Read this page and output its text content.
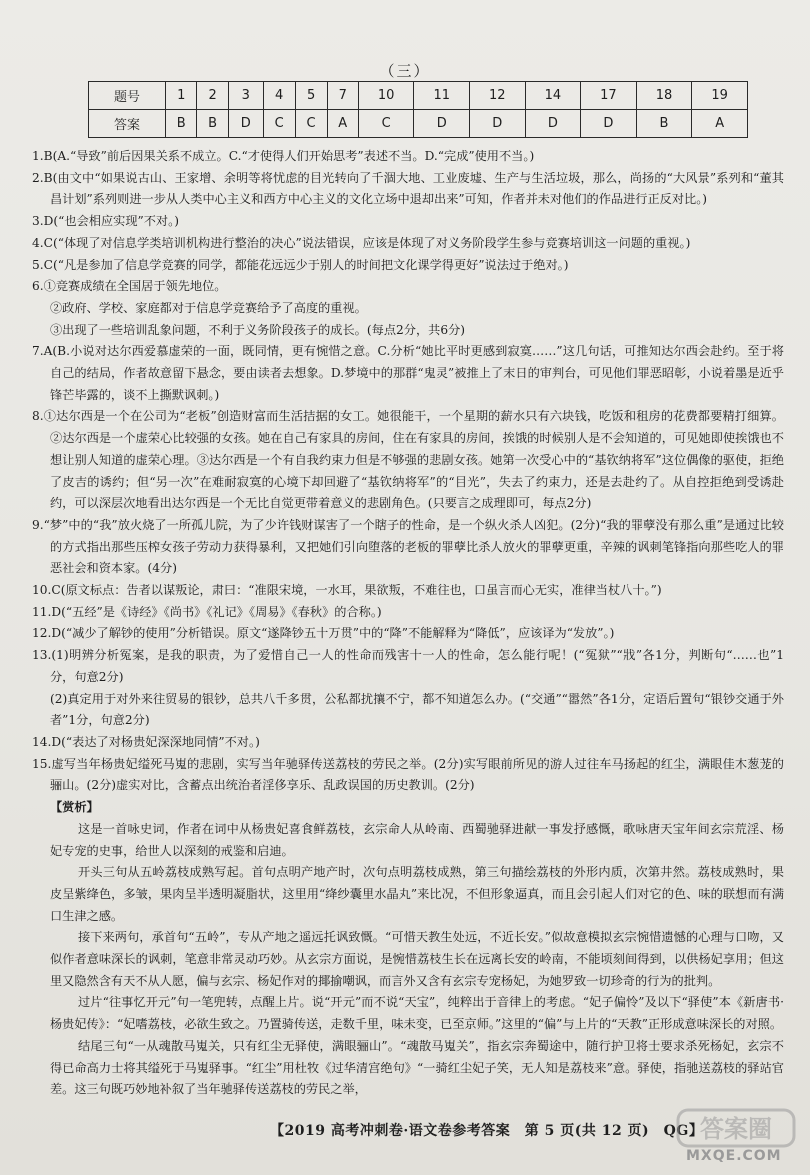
（三）
题号	1	2	3	4	5	7	10	11	12	14	17	18	19
答案	B	B	D	C	C	A	C	D	D	D	D	B	A

1.B(A.“导致”前后因果关系不成立。C.“才使得人们开始思考”表述不当。D.“完成”使用不当。)

2.B(由文中“如果说古山、王家增、余明等将忧虑的目光转向了千涸大地、工业废墟、生产与生活垃圾，那么，尚扬的“大风景”系列和“董其昌计划”系列则进一步从人类中心主义和西方中心主义的文化立场中退却出来”可知，作者并未对他们的作品进行正反对比。)

3.D(“也会相应实现”不对。)

4.C(“体现了对信息学类培训机构进行整治的决心”说法错误，应该是体现了对义务阶段学生参与竞赛培训这一问题的重视。)

5.C(“凡是参加了信息学竞赛的同学，都能花远远少于别人的时间把文化课学得更好”说法过于绝对。)

6.①竞赛成绩在全国居于领先地位。

②政府、学校、家庭都对于信息学竞赛给予了高度的重视。

③出现了一些培训乱象问题，不利于义务阶段孩子的成长。(每点2分，共6分)

7.A(B.小说对达尔西爱慕虚荣的一面，既同情，更有惋惜之意。C.分析“她比平时更感到寂寞……”这几句话，可推知达尔西会赴约。至于将自己的结局，作者故意留下悬念，要由读者去想象。D.梦境中的那群“鬼灵”被推上了末日的审判台，可见他们罪恶昭彰，小说着墨是近乎锋芒毕露的，谈不上撕默讽刺。)

8.①达尔西是一个在公司为“老板”创造财富而生活拮据的女工。她很能干，一个星期的薪水只有六块钱，吃饭和租房的花费都要精打细算。②达尔西是一个虚荣心比较强的女孩。她在自己有家具的房间，住在有家具的房间，挨饿的时候别人是不会知道的，可见她即使挨饿也不想让别人知道的虚荣心理。③达尔西是一个有自我约束力但是不够强的悲剧女孩。她第一次受心中的“基钦纳将军”这位偶像的驱使，拒绝了皮吉的诱约；但“另一次”在难耐寂寞的心境下却回避了“基钦纳将军”的“目光”，失去了约束力，还是去赴约了。从自控拒绝到受诱赴约，可以深层次地看出达尔西是一个无比自觉更带着意义的悲剧角色。(只要言之成理即可，每点2分)

9.“梦”中的“我”放火烧了一所孤儿院，为了少许钱财谋害了一个瞎子的性命，是一个纵火杀人凶犯。(2分)“我的罪孽没有那么重”是通过比较的方式指出那些压榨女孩子劳动力获得暴利，又把她们引向堕落的老板的罪孽比杀人放火的罪孽更重，辛辣的讽刺笔锋指向那些吃人的罪恶社会和资本家。(4分)

10.C(原文标点：告者以谋叛论，肃曰：“准限宋境，一水耳，果欲叛，不难往也，口虽言而心无实，准律当杖八十。”)

11.D(“五经”是《诗经》《尚书》《礼记》《周易》《春秋》的合称。)

12.D(“减少了解钞的使用”分析错误。原文“遂降钞五十万贯”中的“降”不能解释为“降低”，应该译为“发放”。)

13.(1)明辨分析冤案，是我的职责，为了爱惜自己一人的性命而残害十一人的性命，怎么能行呢！(“冤狱”“戕”各1分，判断句“……也”1分，句意2分)

(2)真定用于对外来往贸易的银钞，总共八千多贯，公私都扰攘不宁，都不知道怎么办。(“交通”“嚣然”各1分，定语后置句“银钞交通于外者”1分，句意2分)

14.D(“表达了对杨贵妃深深地同情”不对。)

15.虚写当年杨贵妃缢死马嵬的悲剧，实写当年驰驿传送荔枝的劳民之举。(2分)实写眼前所见的游人过往车马扬起的红尘，满眼佳木葱茏的骊山。(2分)虚实对比，含蓄点出统治者淫侈享乐、乱政误国的历史教训。(2分)

【赏析】

这是一首咏史词，作者在词中从杨贵妃喜食鲜荔枝，玄宗命人从岭南、西蜀驰驿进献一事发抒感慨，歌咏唐天宝年间玄宗荒淫、杨妃专宠的史事，给世人以深刻的戒鉴和启迪。

开头三句从五岭荔枝成熟写起。首句点明产地产时，次句点明荔枝成熟，第三句描绘荔枝的外形内质，次第井然。荔枝成熟时，果皮呈紫绛色，多皱，果肉呈半透明凝脂状，这里用“绛纱囊里水晶丸”来比况，不但形象逼真，而且会引起人们对它的色、味的联想而有满口生津之感。

接下来两句，承首句“五岭”，专从产地之遥远托讽致慨。“可惜天教生处远，不近长安。”似故意模拟玄宗惋惜遗憾的心理与口吻，又似作者意味深长的讽刺，笔意非常灵动巧妙。从玄宗方面说，是惋惜荔枝生长在远离长安的岭南，不能顷刻间得到，以供杨妃享用；但这里又隐然含有天不从人愿，偏与玄宗、杨妃作对的揶揄嘲讽，而言外又含有玄宗专宠杨妃，为她罗致一切珍奇的行为的批判。

过片“往事忆开元”句一笔兜转，点醒上片。说“开元”而不说“天宝”，纯粹出于音律上的考虑。“妃子偏怜”及以下“驿使”本《新唐书·杨贵妃传》：“妃嗜荔枝，必欲生致之。乃置骑传送，走数千里，味未变，已至京师。”这里的“偏”与上片的“天教”正形成意味深长的对照。

结尾三句“一从魂散马嵬关，只有红尘无驿使，满眼骊山”。“魂散马嵬关”，指玄宗奔蜀途中，随行护卫将士要求杀死杨妃，玄宗不得已命高力士将其缢死于马嵬驿事。“红尘”用杜牧《过华清宫绝句》“一骑红尘妃子笑，无人知是荔枝来”意。驿使，指驰送荔枝的驿站官差。这三句既巧妙地补叙了当年驰驿传送荔枝的劳民之举，

【2019 高考冲刺卷·语文卷参考答案　第 5 页(共 12 页)　QG】
答案圈
MXQE.COM
